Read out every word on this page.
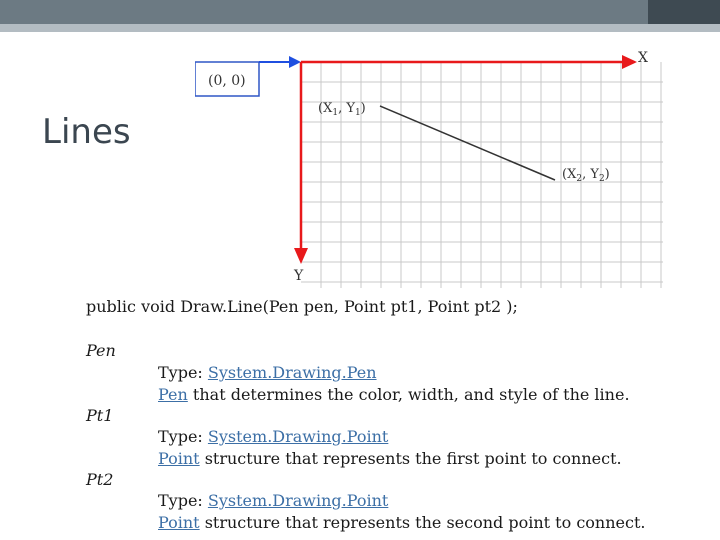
Lines
(0, 0)
X
Y
($X_1$, $Y_1$)
($X_2$, $Y_2$)
public void Draw.Line(Pen pen, Point pt1, Point pt2 );
Pen
Type: System.Drawing.Pen
Pen that determines the color, width, and style of the line.
Pt1
Type: System.Drawing.Point
Point structure that represents the first point to connect.
Pt2
Type: System.Drawing.Point
Point structure that represents the second point to connect.
